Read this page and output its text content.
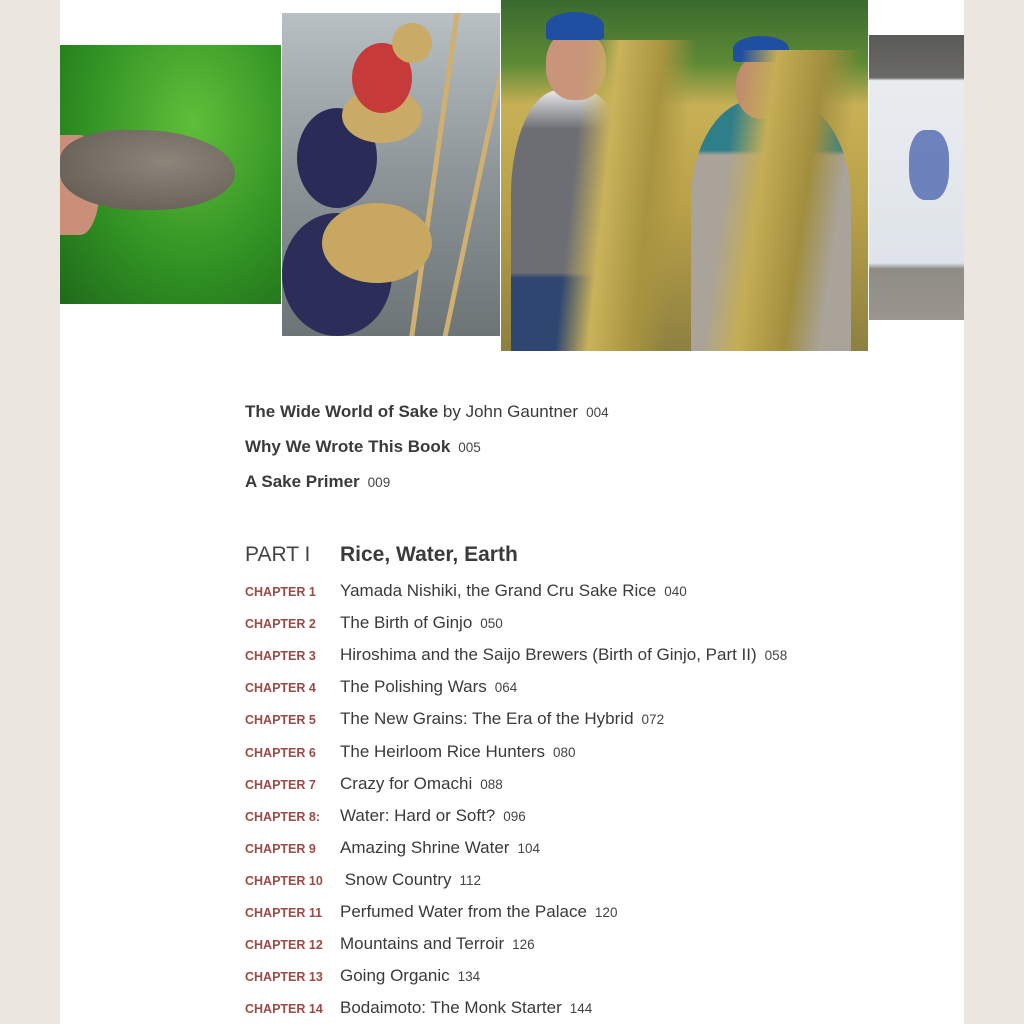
The Wide World of Sake by John Gauntner 004
Why We Wrote This Book 005
A Sake Primer 009
PART I Rice, Water, Earth
CHAPTER 1 Yamada Nishiki, the Grand Cru Sake Rice 040
CHAPTER 2 The Birth of Ginjo 050
CHAPTER 3 Hiroshima and the Saijo Brewers (Birth of Ginjo, Part II) 058
CHAPTER 4 The Polishing Wars 064
CHAPTER 5 The New Grains: The Era of the Hybrid 072
CHAPTER 6 The Heirloom Rice Hunters 080
CHAPTER 7 Crazy for Omachi 088
CHAPTER 8: Water: Hard or Soft? 096
CHAPTER 9 Amazing Shrine Water 104
CHAPTER 10 Snow Country 112
CHAPTER 11 Perfumed Water from the Palace 120
CHAPTER 12 Mountains and Terroir 126
CHAPTER 13 Going Organic 134
CHAPTER 14 Bodaimoto: The Monk Starter 144
